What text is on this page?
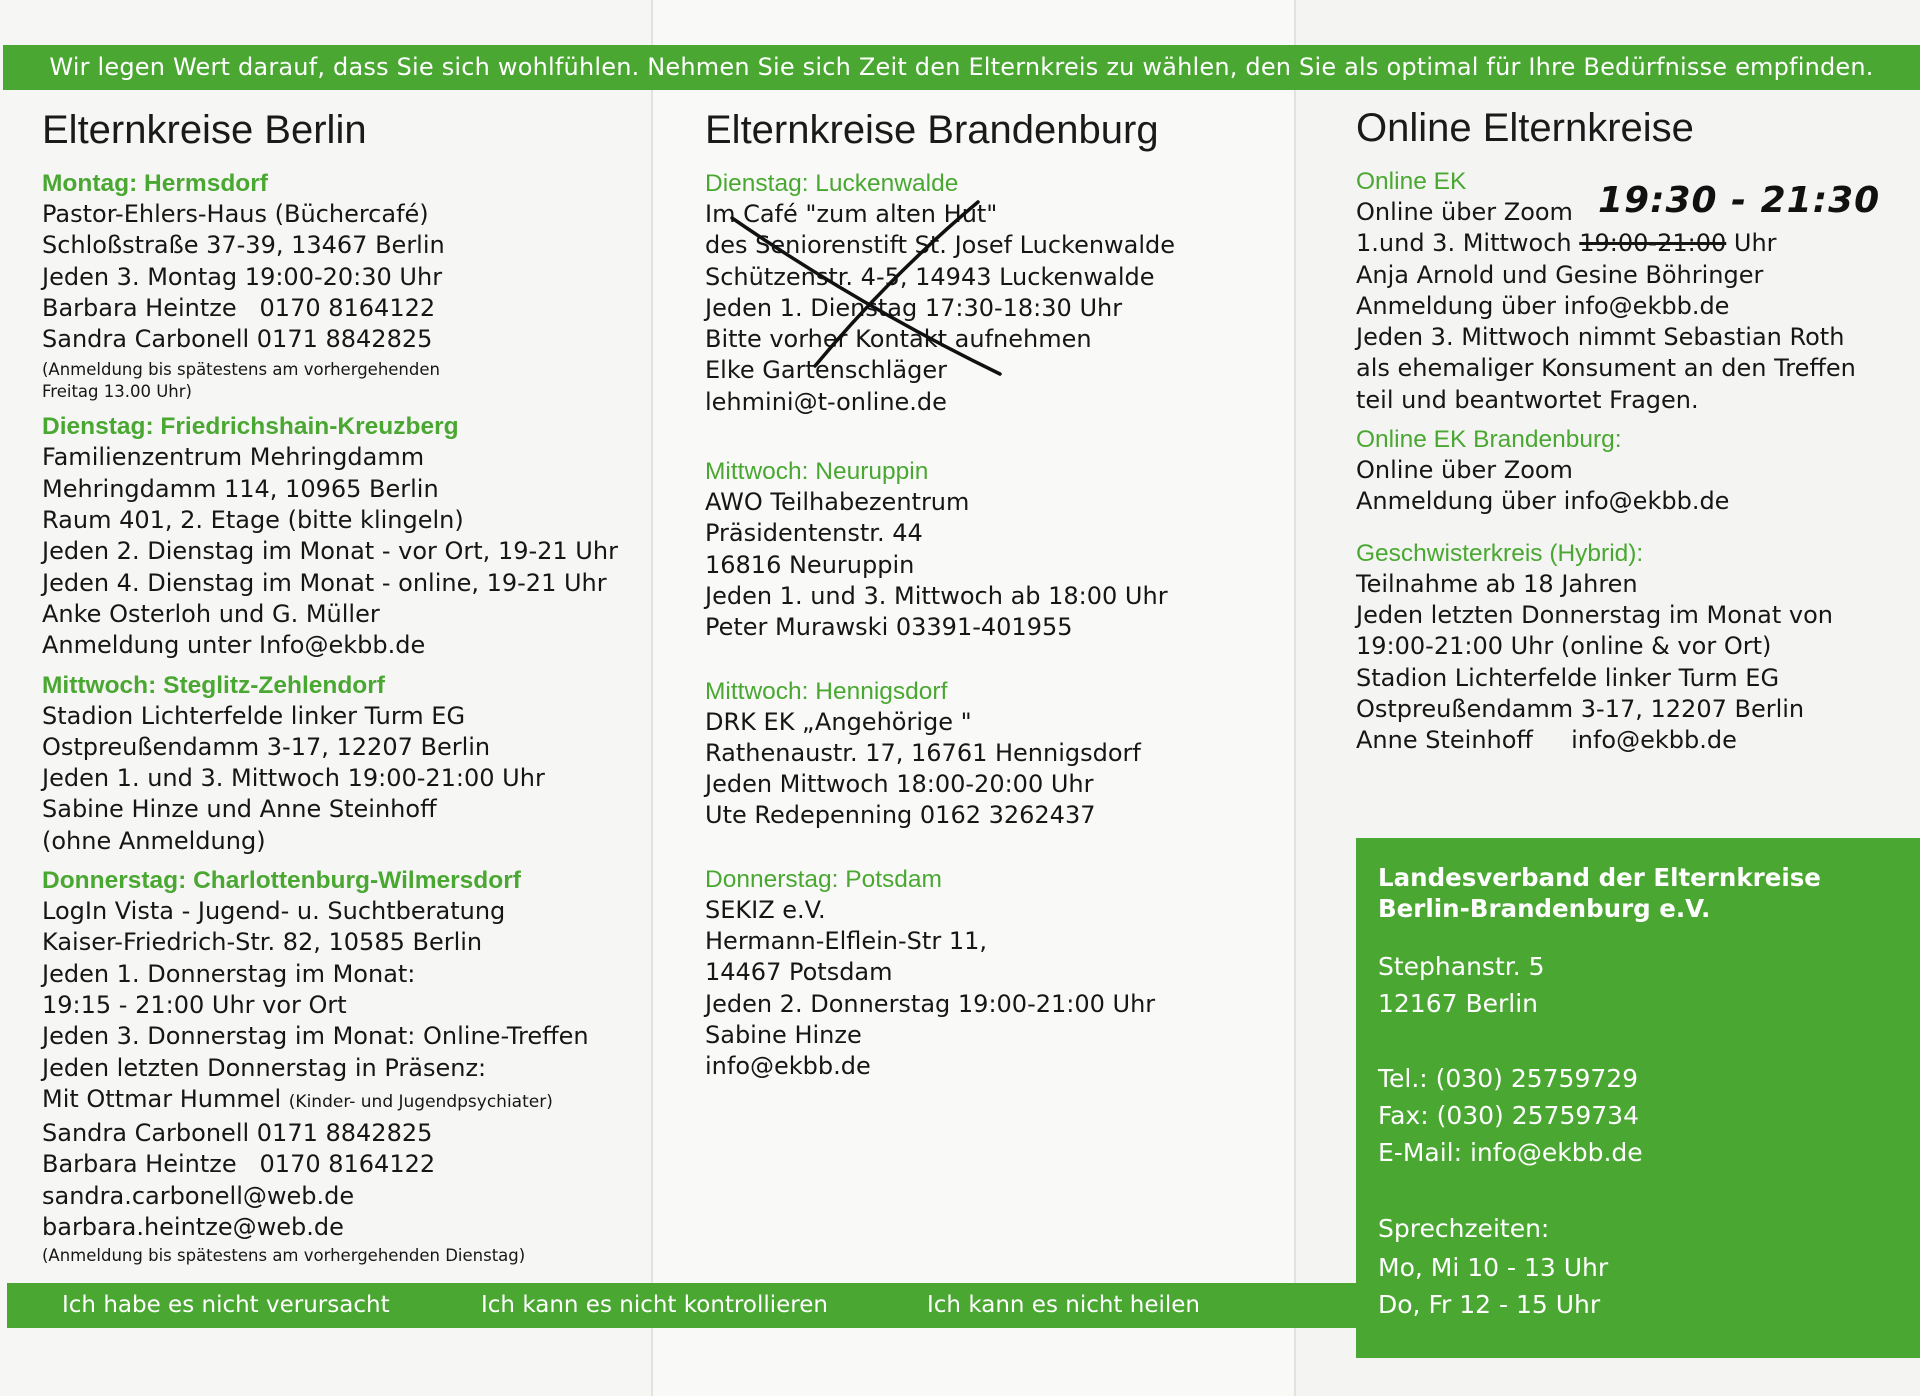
Wir legen Wert darauf, dass Sie sich wohlfühlen. Nehmen Sie sich Zeit den Elternkreis zu wählen, den Sie als optimal für Ihre Bedürfnisse empfinden.
Elternkreise Berlin
Montag: Hermsdorf
Pastor-Ehlers-Haus (Büchercafé)
Schloßstraße 37-39, 13467 Berlin
Jeden 3. Montag 19:00-20:30 Uhr
Barbara Heintze   0170 8164122
Sandra Carbonell 0171 8842825
(Anmeldung bis spätestens am vorhergehenden
Freitag 13.00 Uhr)
Dienstag: Friedrichshain-Kreuzberg
Familienzentrum Mehringdamm
Mehringdamm 114, 10965 Berlin
Raum 401, 2. Etage (bitte klingeln)
Jeden 2. Dienstag im Monat - vor Ort, 19-21 Uhr
Jeden 4. Dienstag im Monat - online, 19-21 Uhr
Anke Osterloh und G. Müller
Anmeldung unter Info@ekbb.de
Mittwoch: Steglitz-Zehlendorf
Stadion Lichterfelde linker Turm EG
Ostpreußendamm 3-17, 12207 Berlin
Jeden 1. und 3. Mittwoch 19:00-21:00 Uhr
Sabine Hinze und Anne Steinhoff
(ohne Anmeldung)
Donnerstag: Charlottenburg-Wilmersdorf
LogIn Vista - Jugend- u. Suchtberatung
Kaiser-Friedrich-Str. 82, 10585 Berlin
Jeden 1. Donnerstag im Monat:
19:15 - 21:00 Uhr vor Ort
Jeden 3. Donnerstag im Monat: Online-Treffen
Jeden letzten Donnerstag in Präsenz:
Mit Ottmar Hummel (Kinder- und Jugendpsychiater)
Sandra Carbonell 0171 8842825
Barbara Heintze   0170 8164122
sandra.carbonell@web.de
barbara.heintze@web.de
(Anmeldung bis spätestens am vorhergehenden Dienstag)
Elternkreise Brandenburg
Dienstag: Luckenwalde
Im Café "zum alten Hut"
des Seniorenstift St. Josef Luckenwalde
Schützenstr. 4-5, 14943 Luckenwalde
Jeden 1. Dienstag 17:30-18:30 Uhr
Bitte vorher Kontakt aufnehmen
Elke Gartenschläger
lehmini@t-online.de
Mittwoch: Neuruppin
AWO Teilhabezentrum
Präsidentenstr. 44
16816 Neuruppin
Jeden 1. und 3. Mittwoch ab 18:00 Uhr
Peter Murawski 03391-401955
Mittwoch: Hennigsdorf
DRK EK „Angehörige "
Rathenaustr. 17, 16761 Hennigsdorf
Jeden Mittwoch 18:00-20:00 Uhr
Ute Redepenning 0162 3262437
Donnerstag: Potsdam
SEKIZ e.V.
Hermann-Elflein-Str 11,
14467 Potsdam
Jeden 2. Donnerstag 19:00-21:00 Uhr
Sabine Hinze
info@ekbb.de
Online Elternkreise
Online EK
Online über Zoom
1.und 3. Mittwoch 19:00-21:00 Uhr
Anja Arnold und Gesine Böhringer
Anmeldung über info@ekbb.de
Jeden 3. Mittwoch nimmt Sebastian Roth
als ehemaliger Konsument an den Treffen
teil und beantwortet Fragen.
Online EK Brandenburg:
Online über Zoom
Anmeldung über info@ekbb.de
Geschwisterkreis (Hybrid):
Teilnahme ab 18 Jahren
Jeden letzten Donnerstag im Monat von
19:00-21:00 Uhr (online & vor Ort)
Stadion Lichterfelde linker Turm EG
Ostpreußendamm 3-17, 12207 Berlin
Anne Steinhoff     info@ekbb.de
19:30 - 21:30
Landesverband der Elternkreise
Berlin-Brandenburg e.V.
Stephanstr. 5
12167 Berlin
Tel.: (030) 25759729
Fax: (030) 25759734
E-Mail: info@ekbb.de
Sprechzeiten:
Mo, Mi 10 - 13 Uhr
Do, Fr 12 - 15 Uhr
Ich habe es nicht verursacht	Ich kann es nicht kontrollieren	Ich kann es nicht heilen
